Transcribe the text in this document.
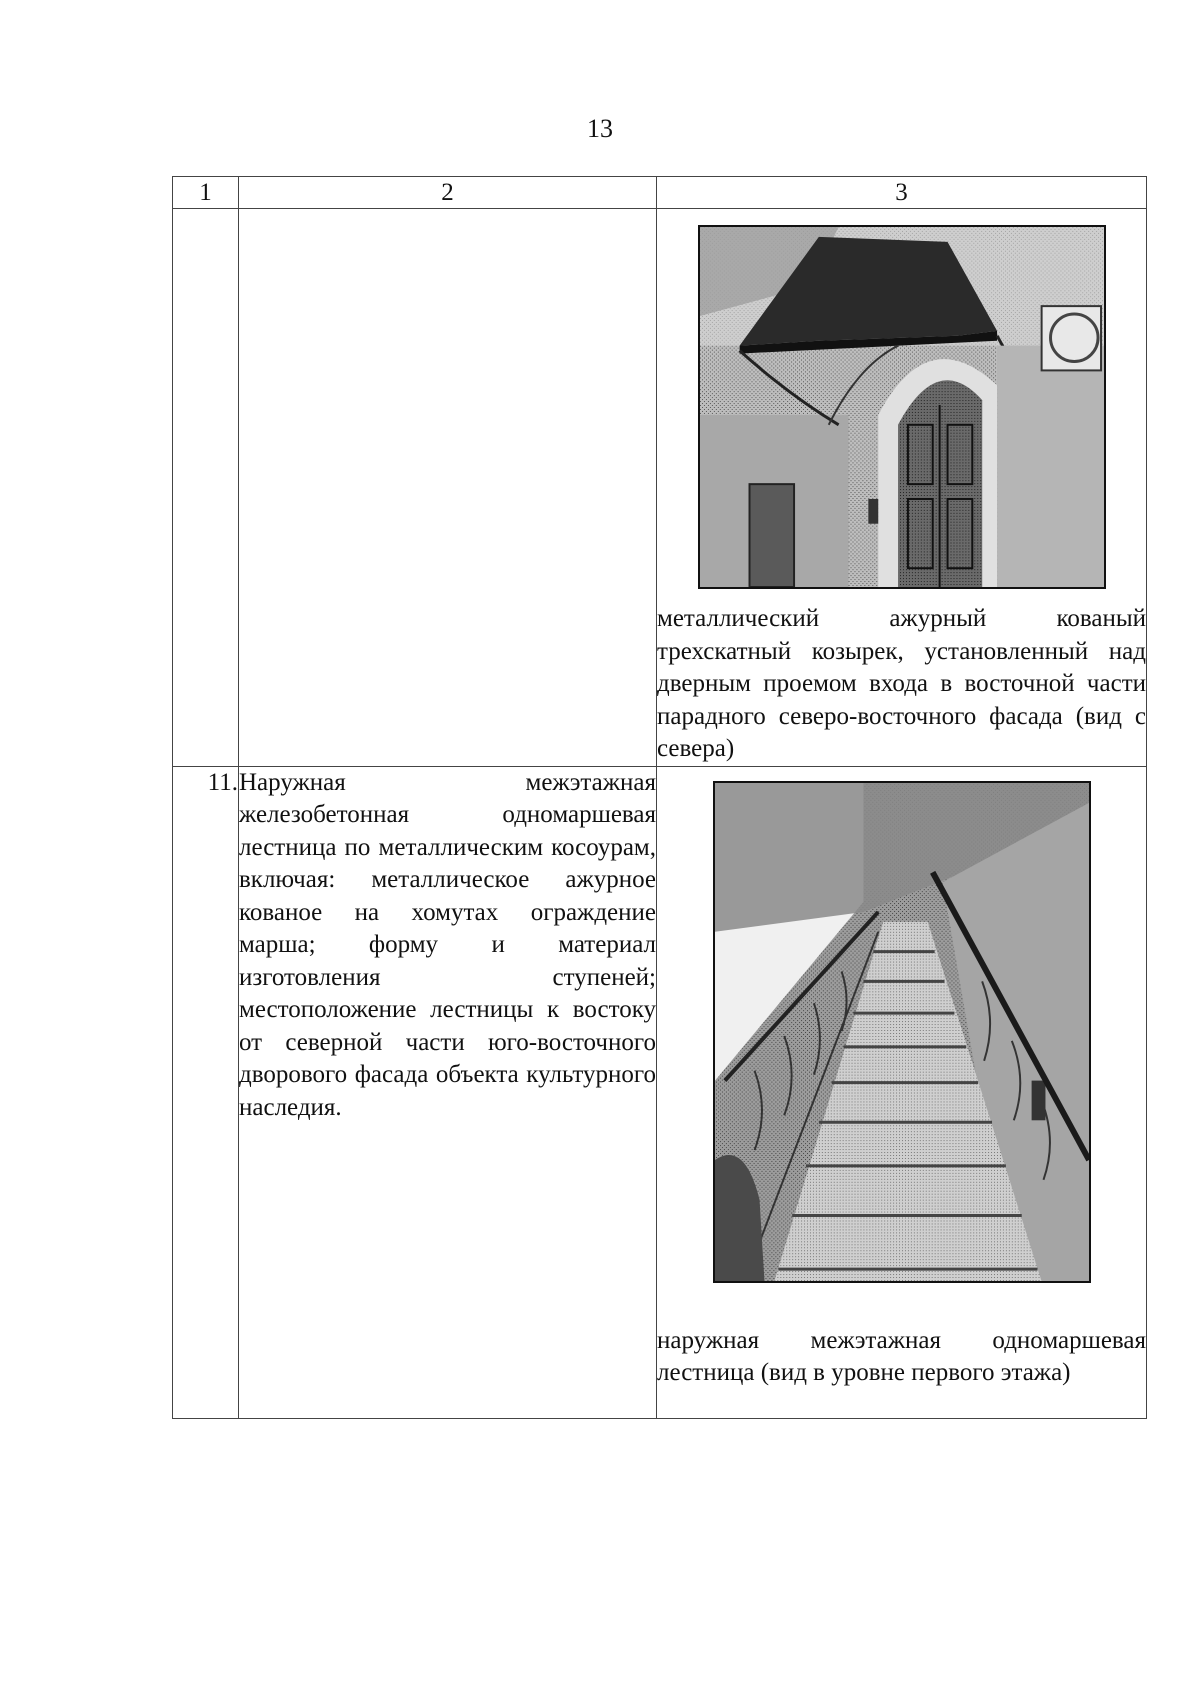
13
1	2	3

		металлический ажурный кованый трехскатный козырек, установленный над дверным проемом входа в восточной части парадного северо-восточного фасада (вид с севера)

11.	Наружная межэтажная железобетонная одномаршевая лестница по металлическим косоурам, включая: металлическое ажурное кованое на хомутах ограждение марша; форму и материал изготовления ступеней; местоположение лестницы к востоку от северной части юго-восточного дворового фасада объекта культурного наследия.	наружная межэтажная одномаршевая лестница (вид в уровне первого этажа)
